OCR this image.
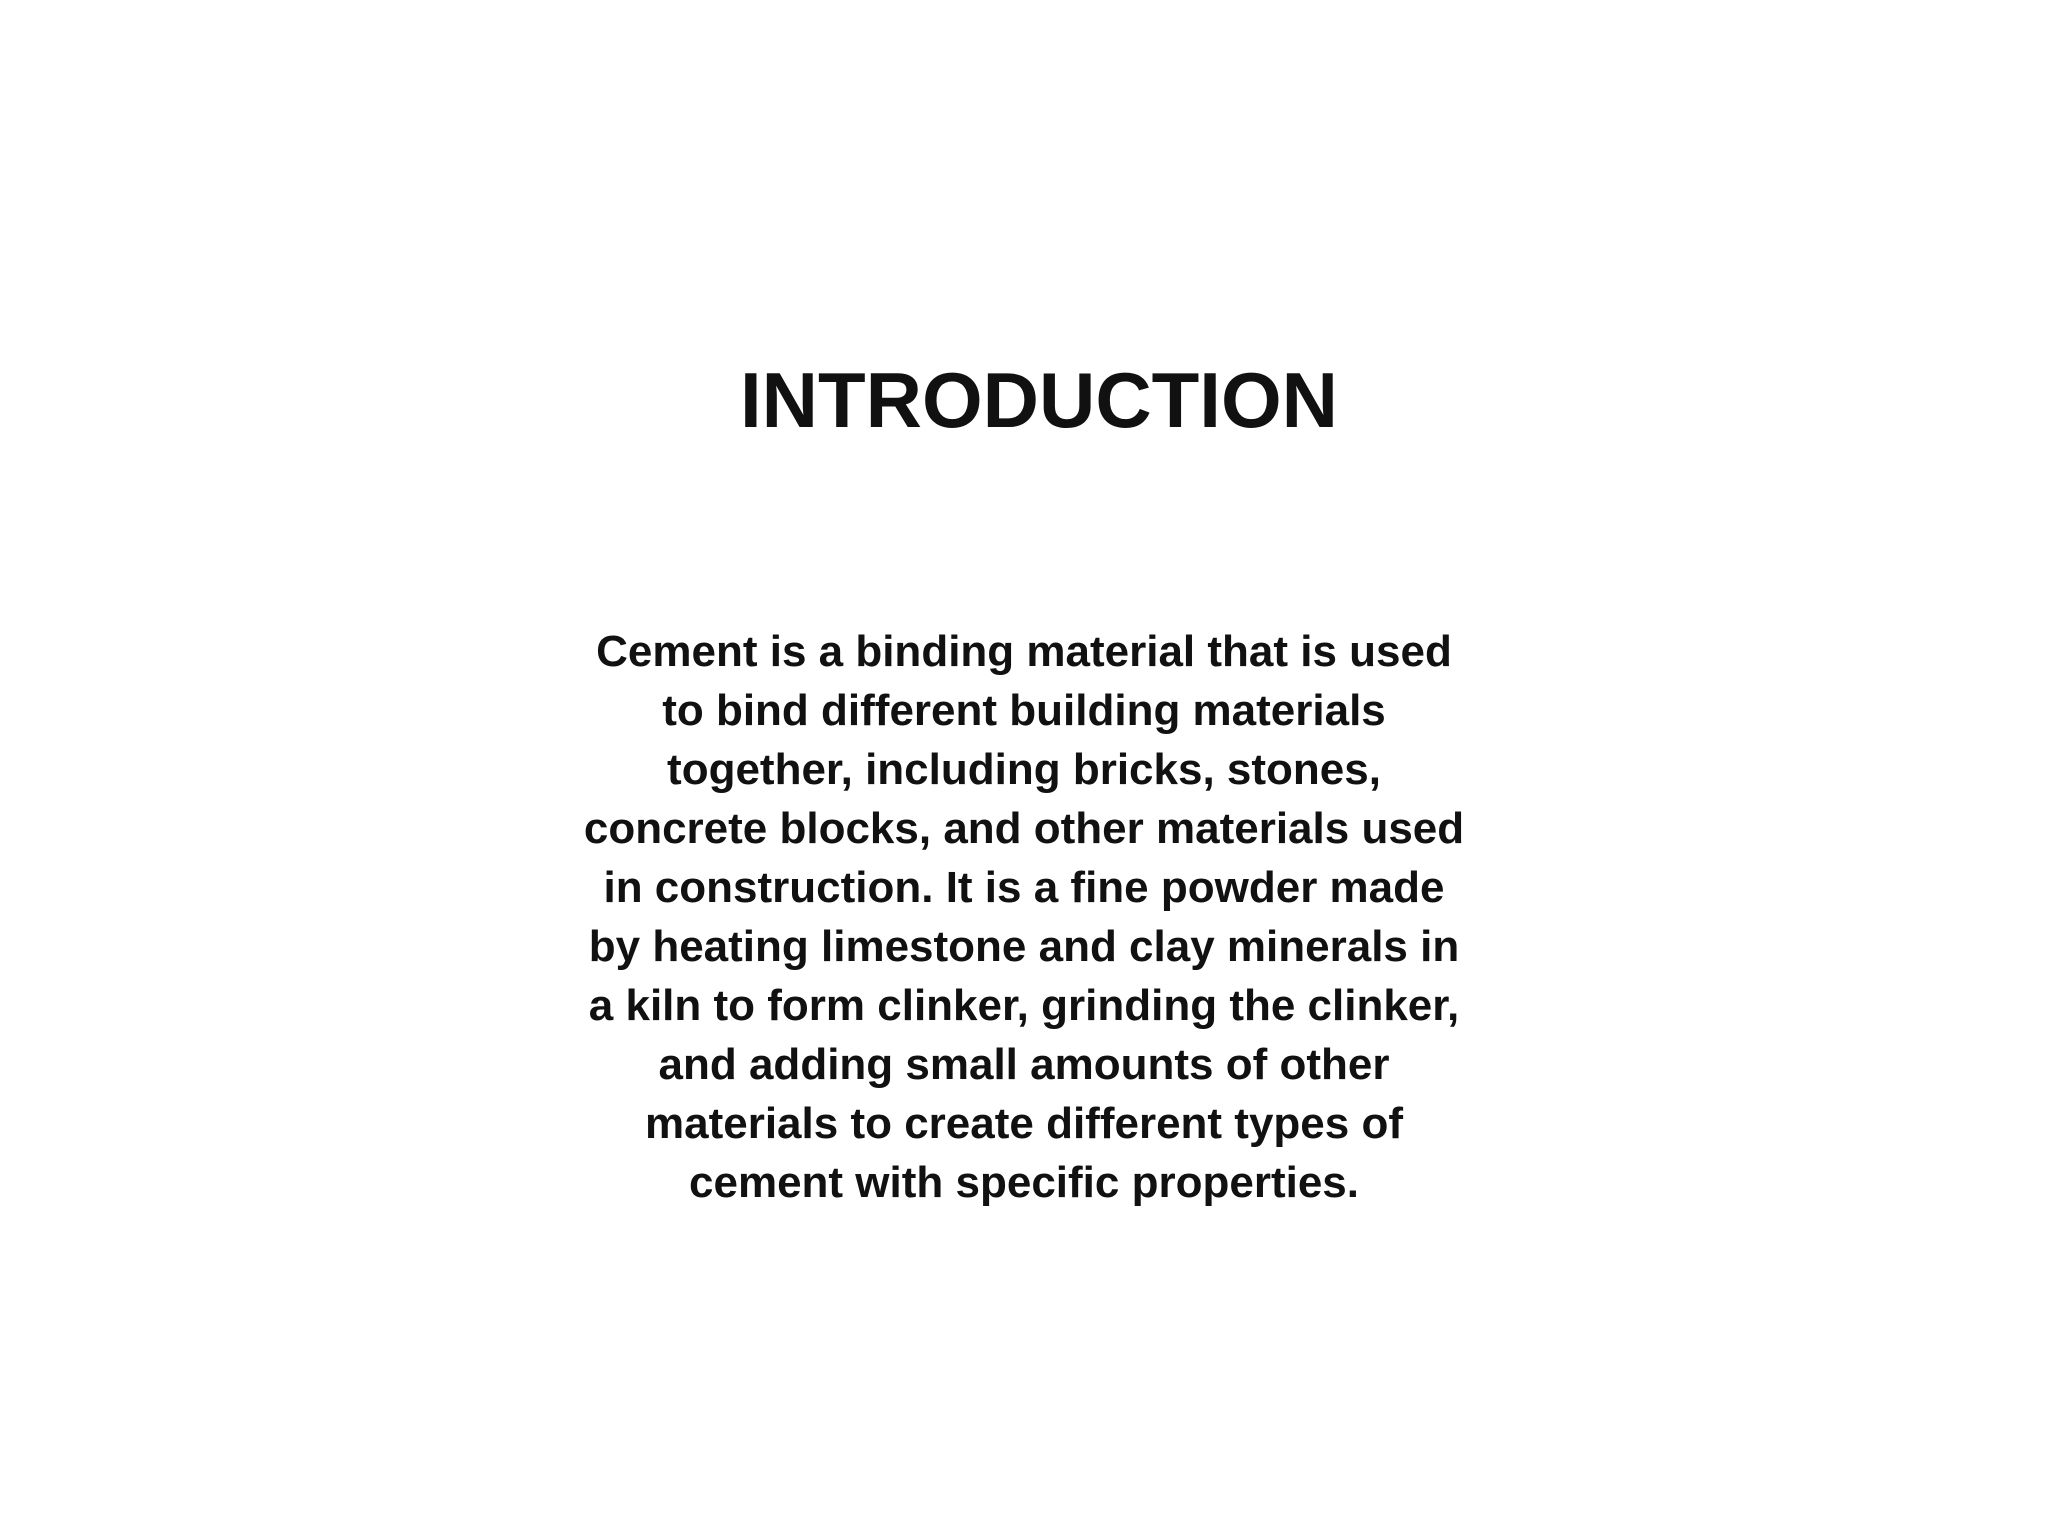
INTRODUCTION
Cement is a binding material that is used
to bind different building materials
together, including bricks, stones,
concrete blocks, and other materials used
in construction. It is a fine powder made
by heating limestone and clay minerals in
a kiln to form clinker, grinding the clinker,
and adding small amounts of other
materials to create different types of
cement with specific properties.
